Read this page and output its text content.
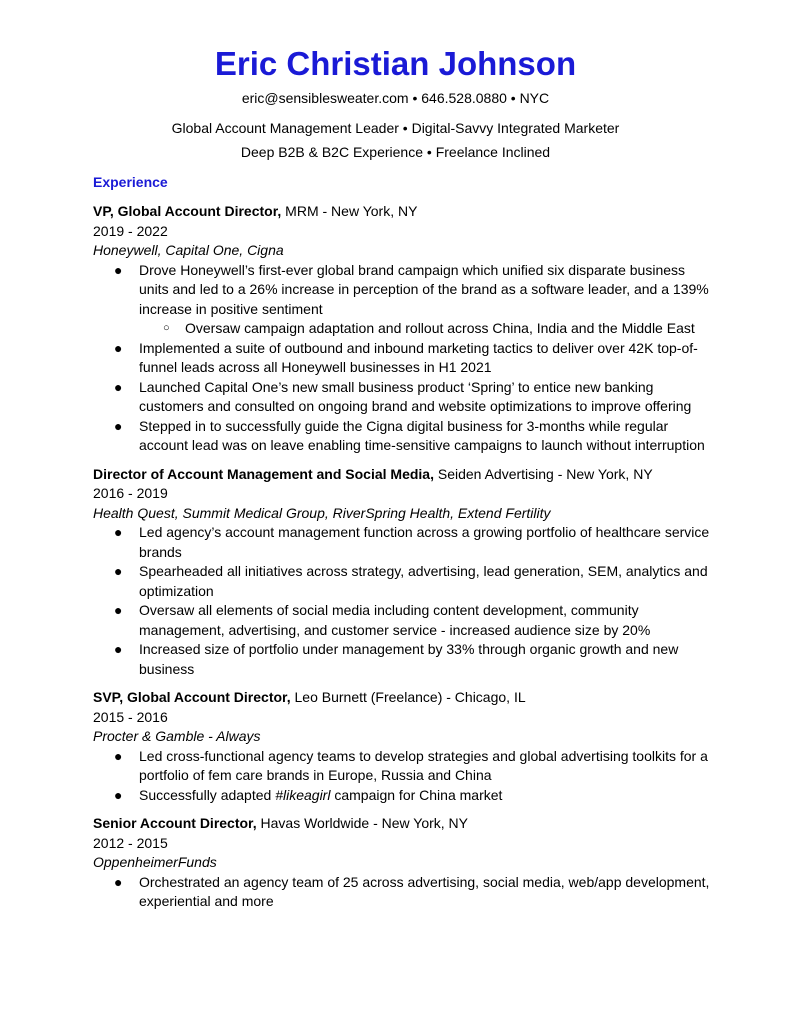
Eric Christian Johnson
eric@sensiblesweater.com • 646.528.0880 • NYC
Global Account Management Leader • Digital-Savvy Integrated Marketer
Deep B2B & B2C Experience • Freelance Inclined
Experience
VP, Global Account Director, MRM - New York, NY
2019 - 2022
Honeywell, Capital One, Cigna
● Drove Honeywell’s first-ever global brand campaign which unified six disparate business units and led to a 26% increase in perception of the brand as a software leader, and a 139% increase in positive sentiment
○ Oversaw campaign adaptation and rollout across China, India and the Middle East
● Implemented a suite of outbound and inbound marketing tactics to deliver over 42K top-of-funnel leads across all Honeywell businesses in H1 2021
● Launched Capital One’s new small business product ‘Spring’ to entice new banking customers and consulted on ongoing brand and website optimizations to improve offering
● Stepped in to successfully guide the Cigna digital business for 3-months while regular account lead was on leave enabling time-sensitive campaigns to launch without interruption
Director of Account Management and Social Media, Seiden Advertising - New York, NY
2016 - 2019
Health Quest, Summit Medical Group, RiverSpring Health, Extend Fertility
● Led agency’s account management function across a growing portfolio of healthcare service brands
● Spearheaded all initiatives across strategy, advertising, lead generation, SEM, analytics and optimization
● Oversaw all elements of social media including content development, community management, advertising, and customer service - increased audience size by 20%
● Increased size of portfolio under management by 33% through organic growth and new business
SVP, Global Account Director, Leo Burnett (Freelance) - Chicago, IL
2015 - 2016
Procter & Gamble - Always
● Led cross-functional agency teams to develop strategies and global advertising toolkits for a portfolio of fem care brands in Europe, Russia and China
● Successfully adapted #likeagirl campaign for China market
Senior Account Director, Havas Worldwide - New York, NY
2012 - 2015
OppenheimerFunds
● Orchestrated an agency team of 25 across advertising, social media, web/app development, experiential and more
